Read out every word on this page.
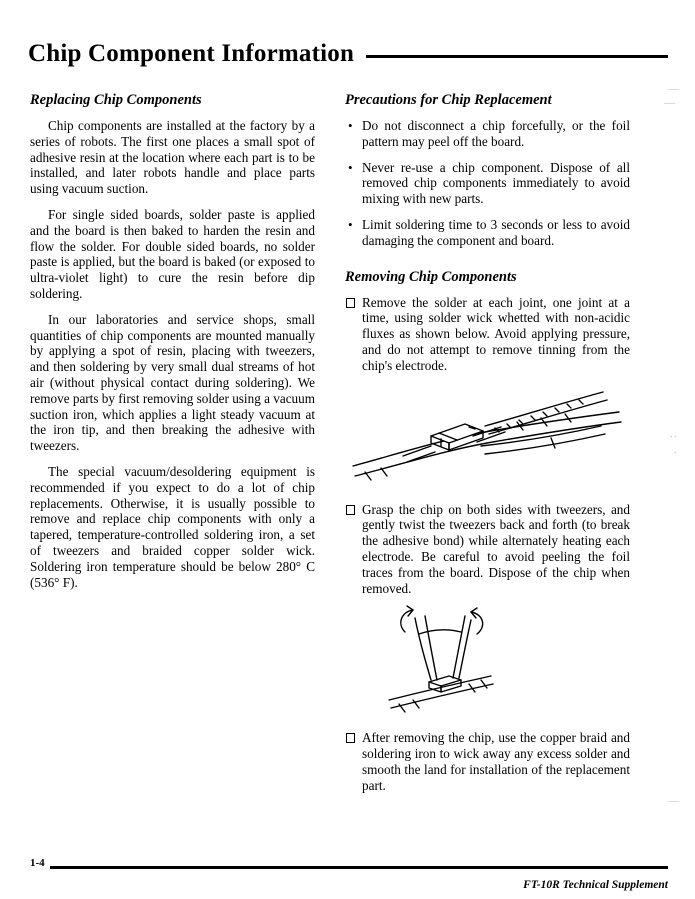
Chip Component Information
Replacing Chip Components

Chip components are installed at the factory by a series of robots. The first one places a small spot of adhesive resin at the location where each part is to be installed, and later robots handle and place parts using vacuum suction.

For single sided boards, solder paste is applied and the board is then baked to harden the resin and flow the solder. For double sided boards, no solder paste is applied, but the board is baked (or exposed to ultra-violet light) to cure the resin before dip soldering.

In our laboratories and service shops, small quantities of chip components are mounted manually by applying a spot of resin, placing with tweezers, and then soldering by very small dual streams of hot air (without physical contact during soldering). We remove parts by first removing solder using a vacuum suction iron, which applies a light steady vacuum at the iron tip, and then breaking the adhesive with tweezers.

The special vacuum/desoldering equipment is recommended if you expect to do a lot of chip replacements. Otherwise, it is usually possible to remove and replace chip components with only a tapered, temperature-controlled soldering iron, a set of tweezers and braided copper solder wick. Soldering iron temperature should be below 280° C (536° F).

Precautions for Chip Replacement
• Do not disconnect a chip forcefully, or the foil pattern may peel off the board.
• Never re-use a chip component. Dispose of all removed chip components immediately to avoid mixing with new parts.
• Limit soldering time to 3 seconds or less to avoid damaging the component and board.
Removing Chip Components
Remove the solder at each joint, one joint at a time, using solder wick whetted with non-acidic fluxes as shown below. Avoid applying pressure, and do not attempt to remove tinning from the chip's electrode.
Grasp the chip on both sides with tweezers, and gently twist the tweezers back and forth (to break the adhesive bond) while alternately heating each electrode. Be careful to avoid peeling the foil traces from the board. Dispose of the chip when removed.
After removing the chip, use the copper braid and soldering iron to wick away any excess solder and smooth the land for installation of the replacement part.
—
—
··
·
—
1-4
FT-10R Technical Supplement
